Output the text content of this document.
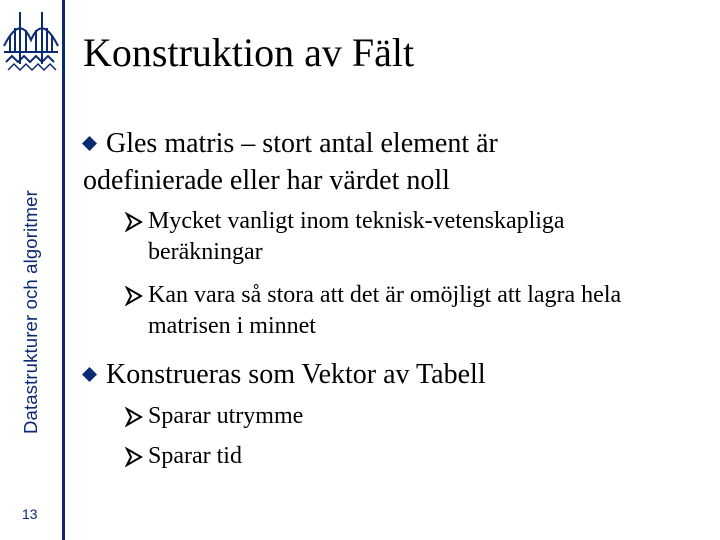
Datastrukturer och algoritmer
13
Konstruktion av Fält
Gles matris – stort antal element är
odefinierade eller har värdet noll
Mycket vanligt inom teknisk-vetenskapliga
beräkningar
Kan vara så stora att det är omöjligt att lagra hela
matrisen i minnet
Konstrueras som Vektor av Tabell
Sparar utrymme
Sparar tid
